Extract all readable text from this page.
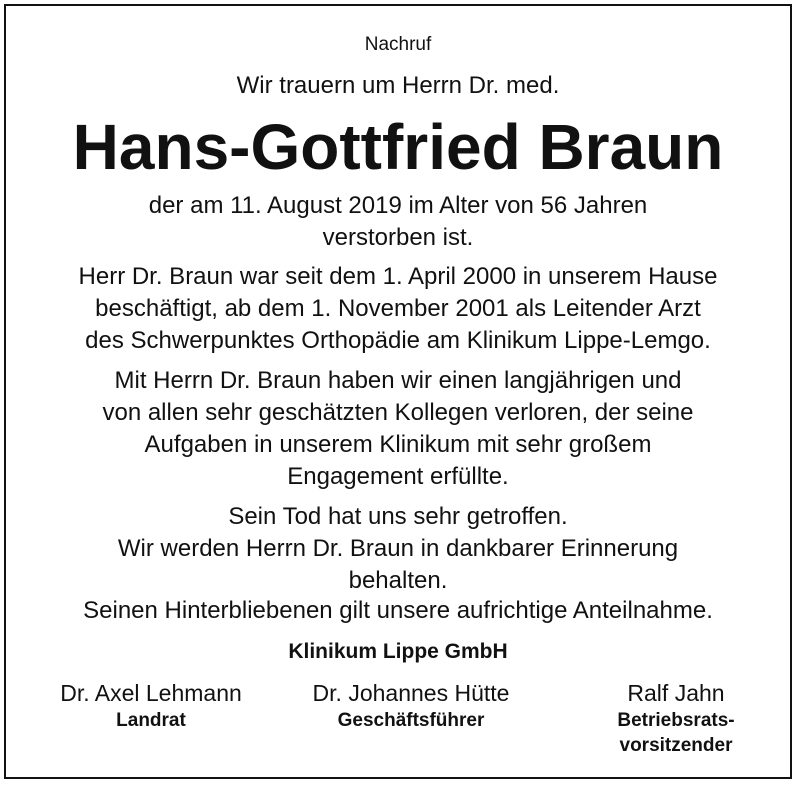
Nachruf
Wir trauern um Herrn Dr. med.
Hans-Gottfried Braun
der am 11. August 2019 im Alter von 56 Jahren
verstorben ist.
Herr Dr. Braun war seit dem 1. April 2000 in unserem Hause
beschäftigt, ab dem 1. November 2001 als Leitender Arzt
des Schwerpunktes Orthopädie am Klinikum Lippe-Lemgo.
Mit Herrn Dr. Braun haben wir einen langjährigen und
von allen sehr geschätzten Kollegen verloren, der seine
Aufgaben in unserem Klinikum mit sehr großem
Engagement erfüllte.
Sein Tod hat uns sehr getroffen.
Wir werden Herrn Dr. Braun in dankbarer Erinnerung
behalten.
Seinen Hinterbliebenen gilt unsere aufrichtige Anteilnahme.
Klinikum Lippe GmbH
Dr. Axel Lehmann
Landrat
Dr. Johannes Hütte
Geschäftsführer
Ralf Jahn
Betriebsrats-
vorsitzender
